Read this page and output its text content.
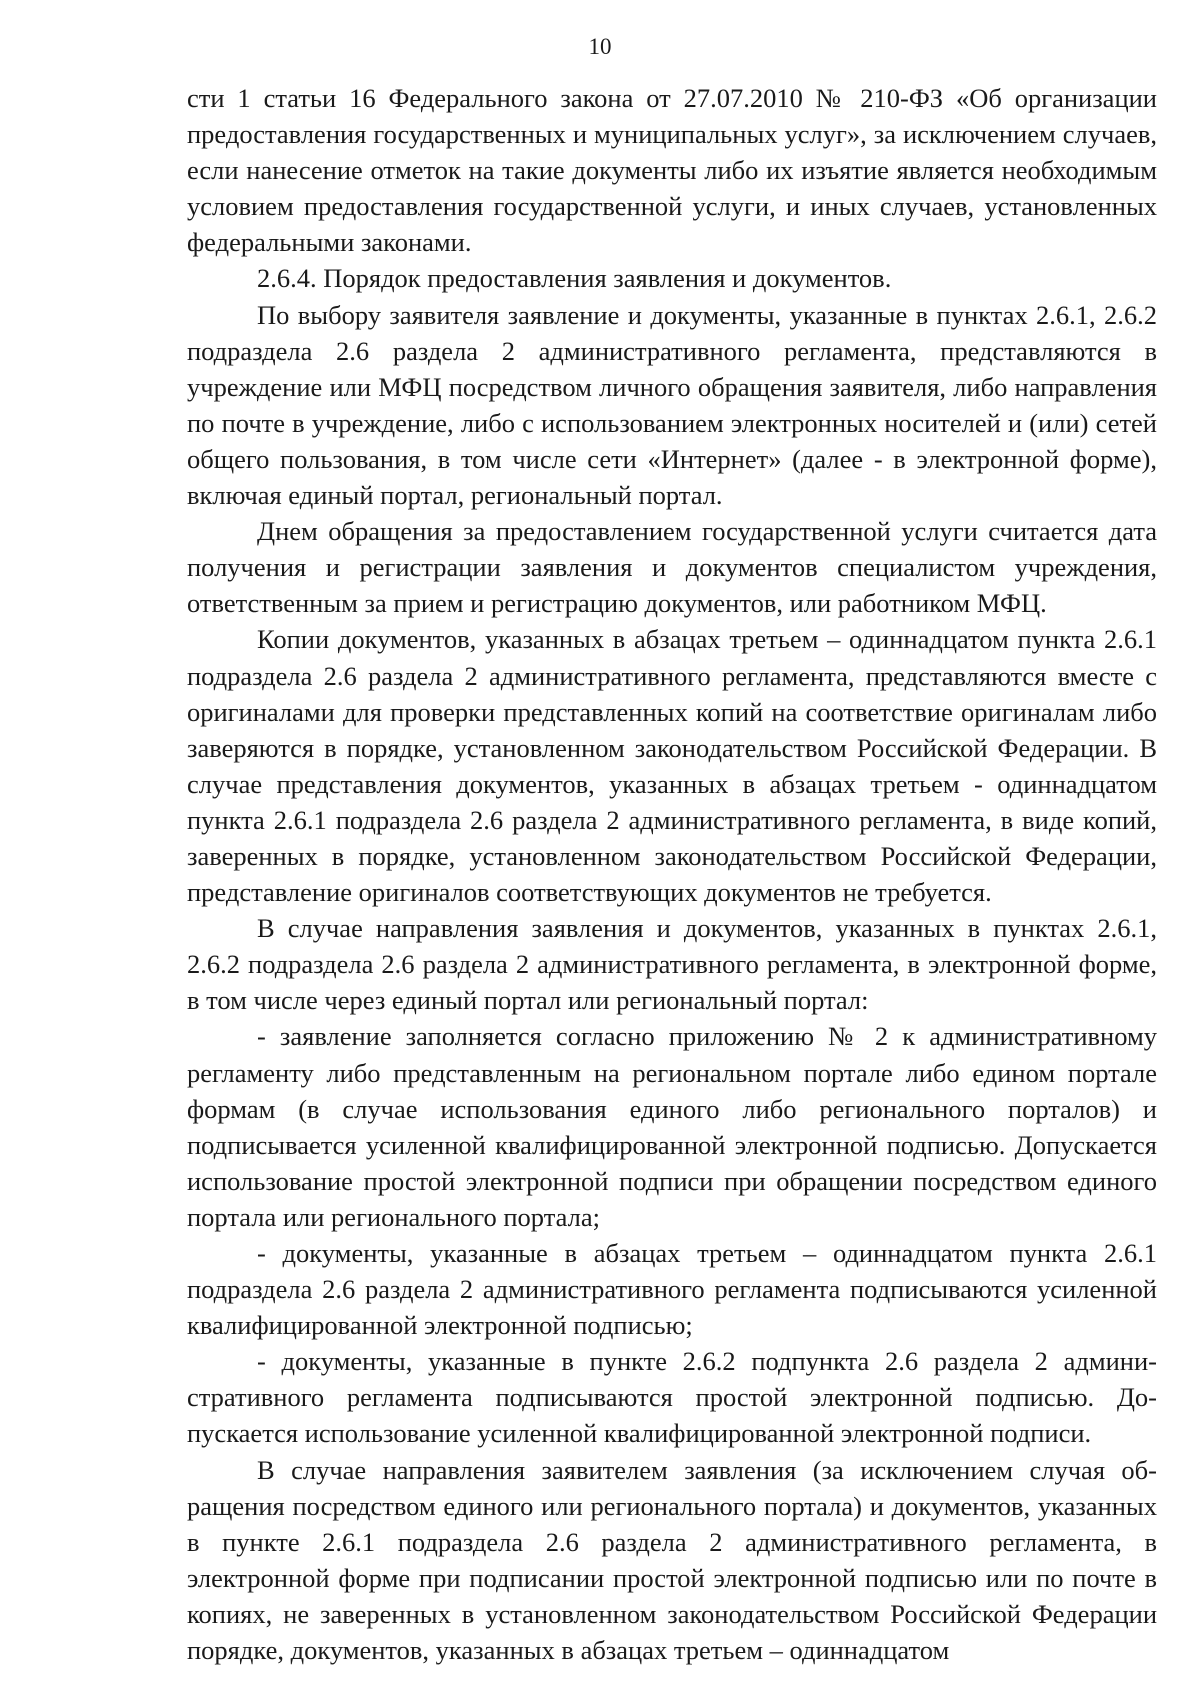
10

сти 1 статьи 16 Федерального закона от 27.07.2010 № 210-ФЗ «Об организации предоставления государственных и муниципальных услуг», за исключением случаев, если нанесение отметок на такие документы либо их изъятие является необходимым условием предоставления государственной услуги, и иных случаев, установленных федеральными законами.

2.6.4. Порядок предоставления заявления и документов.

По выбору заявителя заявление и документы, указанные в пунктах 2.6.1, 2.6.2 подраздела 2.6 раздела 2 административного регламента, представляются в учреждение или МФЦ посредством личного обращения заявителя, либо направления по почте в учреждение, либо с использованием электронных носителей и (или) сетей общего пользования, в том числе сети «Интернет» (далее - в электронной форме), включая единый портал, региональный портал.

Днем обращения за предоставлением государственной услуги считается дата получения и регистрации заявления и документов специалистом учреждения, ответственным за прием и регистрацию документов, или работником МФЦ.

Копии документов, указанных в абзацах третьем – одиннадцатом пункта 2.6.1 подраздела 2.6 раздела 2 административного регламента, представляются вместе с оригиналами для проверки представленных копий на соответствие оригиналам либо заверяются в порядке, установленном законодательством Российской Федерации. В случае представления документов, указанных в абзацах третьем - одиннадцатом пункта 2.6.1 подраздела 2.6 раздела 2 административного регламента, в виде копий, заверенных в порядке, установленном законодательством Российской Федерации, представление оригиналов соответствующих документов не требуется.

В случае направления заявления и документов, указанных в пунктах 2.6.1, 2.6.2 подраздела 2.6 раздела 2 административного регламента, в электронной форме, в том числе через единый портал или региональный портал:

- заявление заполняется согласно приложению № 2 к административному регламенту либо представленным на региональном портале либо едином портале формам (в случае использования единого либо регионального порталов) и подписывается усиленной квалифицированной электронной подписью. Допускается использование простой электронной подписи при обращении посредством единого портала или регионального портала;

- документы, указанные в абзацах третьем – одиннадцатом пункта 2.6.1 подраздела 2.6 раздела 2 административного регламента подписываются усиленной квалифицированной электронной подписью;

- документы, указанные в пункте 2.6.2 подпункта 2.6 раздела 2 административного регламента подписываются простой электронной подписью. Допускается использование усиленной квалифицированной электронной подписи.

В случае направления заявителем заявления (за исключением случая обращения посредством единого или регионального портала) и документов, указанных в пункте 2.6.1 подраздела 2.6 раздела 2 административного регламента, в электронной форме при подписании простой электронной подписью или по почте в копиях, не заверенных в установленном законодательством Российской Федерации порядке, документов, указанных в абзацах третьем – одиннадцатом
